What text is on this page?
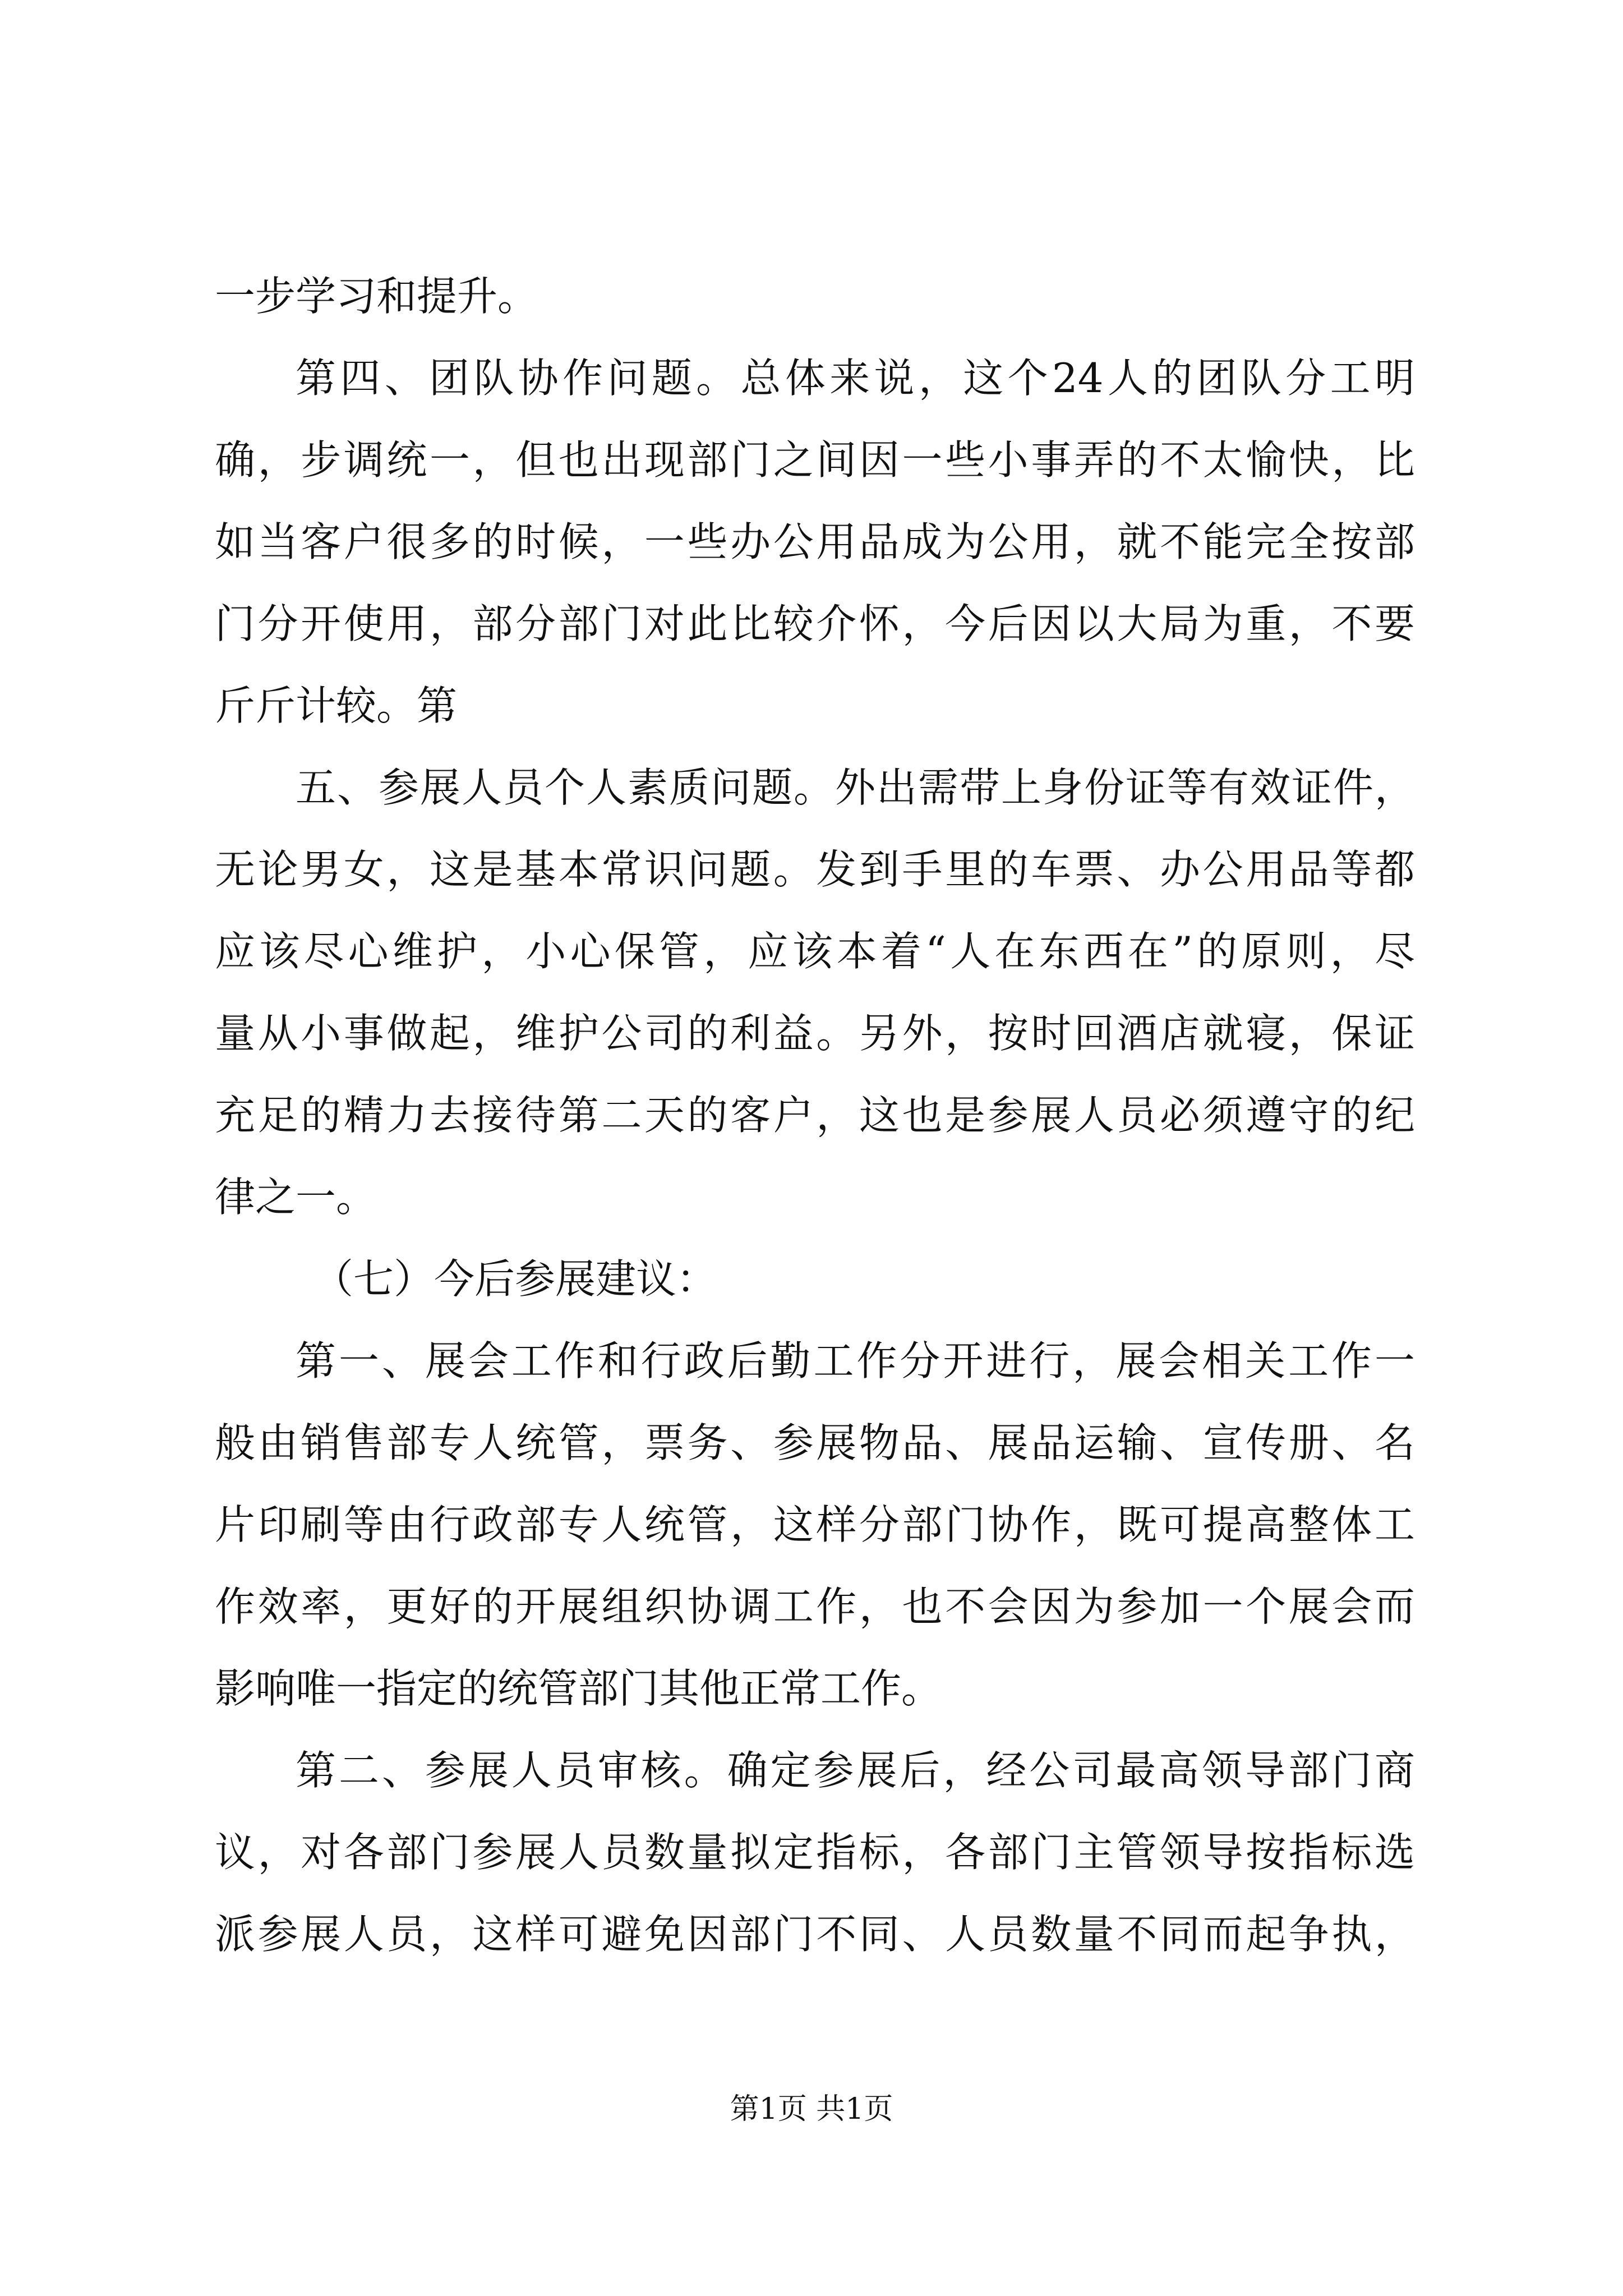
一步学习和提升。
第四、团队协作问题。总体来说，这个24人的团队分工明
确，步调统一，但也出现部门之间因一些小事弄的不太愉快，比
如当客户很多的时候，一些办公用品成为公用，就不能完全按部
门分开使用，部分部门对此比较介怀，今后因以大局为重，不要
斤斤计较。第
五、参展人员个人素质问题。外出需带上身份证等有效证件，
无论男女，这是基本常识问题。发到手里的车票、办公用品等都
应该尽心维护，小心保管，应该本着“人在东西在”的原则，尽
量从小事做起，维护公司的利益。另外，按时回酒店就寝，保证
充足的精力去接待第二天的客户，这也是参展人员必须遵守的纪
律之一。
（七）今后参展建议：
第一、展会工作和行政后勤工作分开进行，展会相关工作一
般由销售部专人统管，票务、参展物品、展品运输、宣传册、名
片印刷等由行政部专人统管，这样分部门协作，既可提高整体工
作效率，更好的开展组织协调工作，也不会因为参加一个展会而
影响唯一指定的统管部门其他正常工作。
第二、参展人员审核。确定参展后，经公司最高领导部门商
议，对各部门参展人员数量拟定指标，各部门主管领导按指标选
派参展人员，这样可避免因部门不同、人员数量不同而起争执，
第1页 共1页
